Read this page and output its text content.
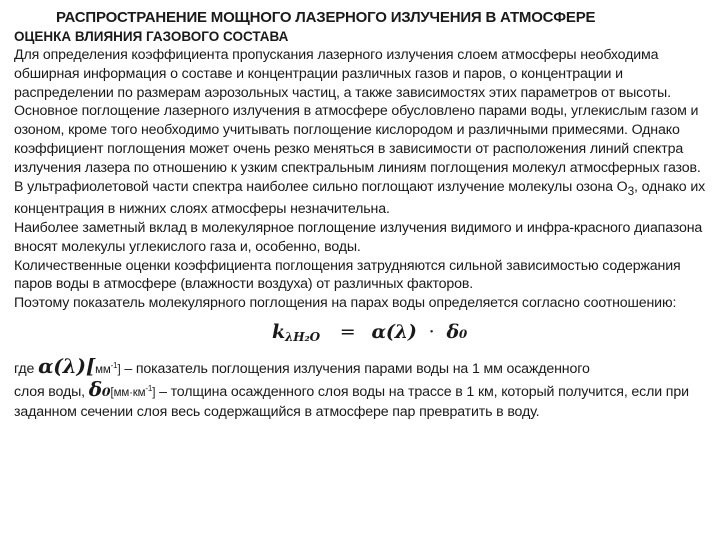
РАСПРОСТРАНЕНИЕ МОЩНОГО ЛАЗЕРНОГО ИЗЛУЧЕНИЯ В АТМОСФЕРЕ
ОЦЕНКА ВЛИЯНИЯ ГАЗОВОГО СОСТАВА

Для определения коэффициента пропускания лазерного излучения слоем атмосферы необходима обширная информация о составе и концентрации различных газов и паров, о концентрации и распределении по размерам аэрозольных частиц, а также зависимостях этих параметров от высоты.

Основное поглощение лазерного излучения в атмосфере обусловлено парами воды, углекислым газом и озоном, кроме того необходимо учитывать поглощение кислородом и различными примесями. Однако коэффициент поглощения может очень резко меняться в зависимости от расположения линий спектра излучения лазера по отношению к узким спектральным линиям поглощения молекул атмосферных газов.

В ультрафиолетовой части спектра наиболее сильно поглощают излучение молекулы озона $O_3$, однако их концентрация в нижних слоях атмосферы незначительна.

Наиболее заметный вклад в молекулярное поглощение излучения видимого и инфра-красного диапазона вносят молекулы углекислого газа и, особенно, воды.

Количественные оценки коэффициента поглощения затрудняются сильной зависимостью содержания паров воды в атмосфере (влажности воздуха) от различных факторов.

Поэтому показатель молекулярного поглощения на парах воды определяется согласно соотношению:

$k_{\lambda H_2O} = \alpha(\lambda) \cdot \delta_0$

где $\alpha(\lambda)[мм^{-1}]$ – показатель поглощения излучения парами воды на 1 мм осажденного

слоя воды, $\delta_0[мм\cdot км^{-1}]$ – толщина осажденного слоя воды на трассе в 1 км, который получится, если при заданном сечении слоя весь содержащийся в атмосфере пар превратить в воду.
